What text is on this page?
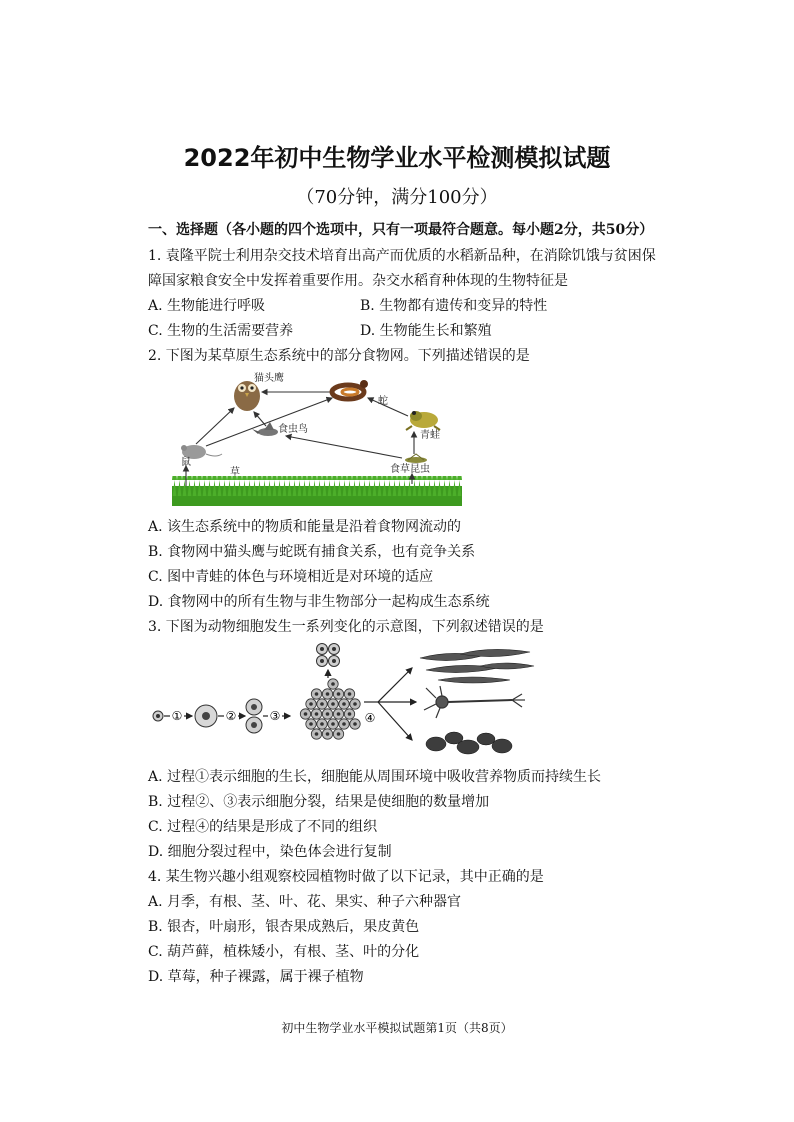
2022年初中生物学业水平检测模拟试题
（70分钟，满分100分）
一、选择题（各小题的四个选项中，只有一项最符合题意。每小题2分，共50分）
1. 袁隆平院士利用杂交技术培育出高产而优质的水稻新品种，在消除饥饿与贫困保
障国家粮食安全中发挥着重要作用。杂交水稻育种体现的生物特征是
A. 生物能进行呼吸	B. 生物都有遗传和变异的特性
C. 生物的生活需要营养	D. 生物能生长和繁殖
2. 下图为某草原生态系统中的部分食物网。下列描述错误的是
猫头鹰
蛇
青蛙
食虫鸟
食草昆虫
鼠
草
A. 该生态系统中的物质和能量是沿着食物网流动的
B. 食物网中猫头鹰与蛇既有捕食关系，也有竞争关系
C. 图中青蛙的体色与环境相近是对环境的适应
D. 食物网中的所有生物与非生物部分一起构成生态系统
3. 下图为动物细胞发生一系列变化的示意图，下列叙述错误的是
①	②	③	④
A. 过程①表示细胞的生长，细胞能从周围环境中吸收营养物质而持续生长
B. 过程②、③表示细胞分裂，结果是使细胞的数量增加
C. 过程④的结果是形成了不同的组织
D. 细胞分裂过程中，染色体会进行复制
4. 某生物兴趣小组观察校园植物时做了以下记录，其中正确的是
A. 月季，有根、茎、叶、花、果实、种子六种器官
B. 银杏，叶扇形，银杏果成熟后，果皮黄色
C. 葫芦藓，植株矮小，有根、茎、叶的分化
D. 草莓，种子裸露，属于裸子植物
初中生物学业水平模拟试题第1页（共8页）
